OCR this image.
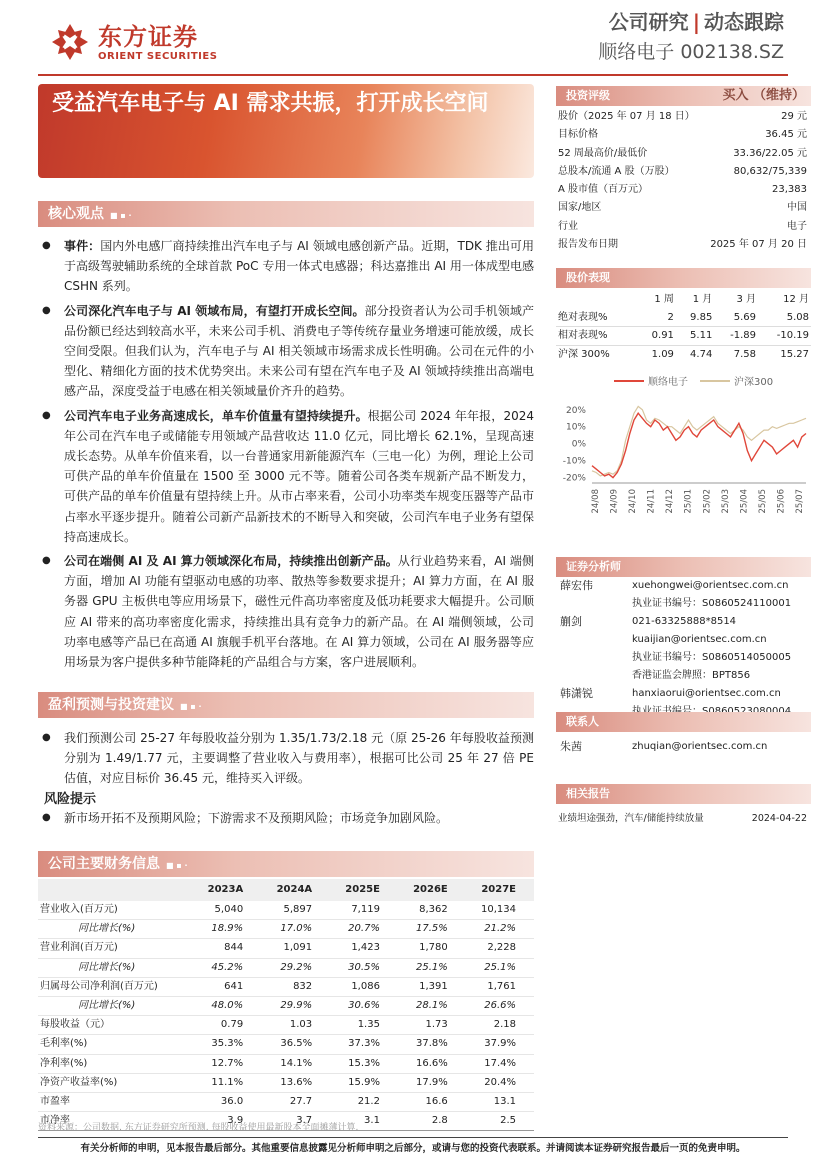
东方证券
ORIENT SECURITIES
公司研究 | 动态跟踪
顺络电子 002138.SZ
受益汽车电子与 AI 需求共振，打开成长空间
核心观点 ■ ▪ ·
● 事件：国内外电感厂商持续推出汽车电子与 AI 领域电感创新产品。近期，TDK 推出可用于高级驾驶辅助系统的全球首款 PoC 专用一体式电感器；科达嘉推出 AI 用一体成型电感 CSHN 系列。
● 公司深化汽车电子与 AI 领域布局，有望打开成长空间。部分投资者认为公司手机领域产品份额已经达到较高水平，未来公司手机、消费电子等传统存量业务增速可能放缓，成长空间受限。但我们认为，汽车电子与 AI 相关领域市场需求成长性明确。公司在元件的小型化、精细化方面的技术优势突出。未来公司有望在汽车电子及 AI 领域持续推出高端电感产品，深度受益于电感在相关领域量价齐升的趋势。
● 公司汽车电子业务高速成长，单车价值量有望持续提升。根据公司 2024 年年报，2024 年公司在汽车电子或储能专用领域产品营收达 11.0 亿元，同比增长 62.1%，呈现高速成长态势。从单车价值来看，以一台普通家用新能源汽车（三电一化）为例，理论上公司可供产品的单车价值量在 1500 至 3000 元不等。随着公司各类车规新产品不断发力，可供产品的单车价值量有望持续上升。从市占率来看，公司小功率类车规变压器等产品市占率水平逐步提升。随着公司新产品新技术的不断导入和突破，公司汽车电子业务有望保持高速成长。
● 公司在端侧 AI 及 AI 算力领域深化布局，持续推出创新产品。从行业趋势来看，AI 端侧方面，增加 AI 功能有望驱动电感的功率、散热等参数要求提升；AI 算力方面，在 AI 服务器 GPU 主板供电等应用场景下，磁性元件高功率密度及低功耗要求大幅提升。公司顺应 AI 带来的高功率密度化需求，持续推出具有竞争力的新产品。在 AI 端侧领域，公司功率电感等产品已在高通 AI 旗舰手机平台落地。在 AI 算力领域，公司在 AI 服务器等应用场景为客户提供多种节能降耗的产品组合与方案，客户进展顺利。
盈利预测与投资建议 ■ ▪ ·
● 我们预测公司 25-27 年每股收益分别为 1.35/1.73/2.18 元（原 25-26 年每股收益预测分别为 1.49/1.77 元，主要调整了营业收入与费用率），根据可比公司 25 年 27 倍 PE 估值，对应目标价 36.45 元，维持买入评级。
风险提示
● 新市场开拓不及预期风险；下游需求不及预期风险；市场竞争加剧风险。
公司主要财务信息 ■ ▪ ·
	2023A	2024A	2025E	2026E	2027E
营业收入(百万元)	5,040	5,897	7,119	8,362	10,134
同比增长(%)	18.9%	17.0%	20.7%	17.5%	21.2%
营业利润(百万元)	844	1,091	1,423	1,780	2,228
同比增长(%)	45.2%	29.2%	30.5%	25.1%	25.1%
归属母公司净利润(百万元)	641	832	1,086	1,391	1,761
同比增长(%)	48.0%	29.9%	30.6%	28.1%	26.6%
每股收益（元）	0.79	1.03	1.35	1.73	2.18
毛利率(%)	35.3%	36.5%	37.3%	37.8%	37.9%
净利率(%)	12.7%	14.1%	15.3%	16.6%	17.4%
净资产收益率(%)	11.1%	13.6%	15.9%	17.9%	20.4%
市盈率	36.0	27.7	21.2	16.6	13.1
市净率	3.9	3.7	3.1	2.8	2.5
资料来源：公司数据, 东方证券研究所预测, 每股收益使用最新股本全面摊薄计算.
投资评级	买入 （维持）
股价（2025 年 07 月 18 日）	29 元
目标价格	36.45 元
52 周最高价/最低价	33.36/22.05 元
总股本/流通 A 股（万股）	80,632/75,339
A 股市值（百万元）	23,383
国家/地区	中国
行业	电子
报告发布日期	2025 年 07 月 20 日
股价表现
	1 周	1 月	3 月	12 月
绝对表现%	2	9.85	5.69	5.08
相对表现%	0.91	5.11	-1.89	-10.19
沪深 300%	1.09	4.74	7.58	15.27
顺络电子	沪深300
20%
10%
0%
-10%
-20%
24/08 24/09 24/10 24/11 24/12 25/01 25/02 25/03 25/04 25/05 25/06 25/07
证券分析师
薛宏伟	xuehongwei@orientsec.com.cn
执业证书编号：S0860524110001
蒯剑	021-63325888*8514
kuaijian@orientsec.com.cn
执业证书编号：S0860514050005
香港证监会牌照：BPT856
韩潇锐	hanxiaorui@orientsec.com.cn
联系人
朱茜	zhuqian@orientsec.com.cn
相关报告
业绩坦途强劲，汽车/储能持续放量	2024-04-22
有关分析师的申明，见本报告最后部分。其他重要信息披露见分析师申明之后部分，或请与您的投资代表联系。并请阅读本证券研究报告最后一页的免责申明。
